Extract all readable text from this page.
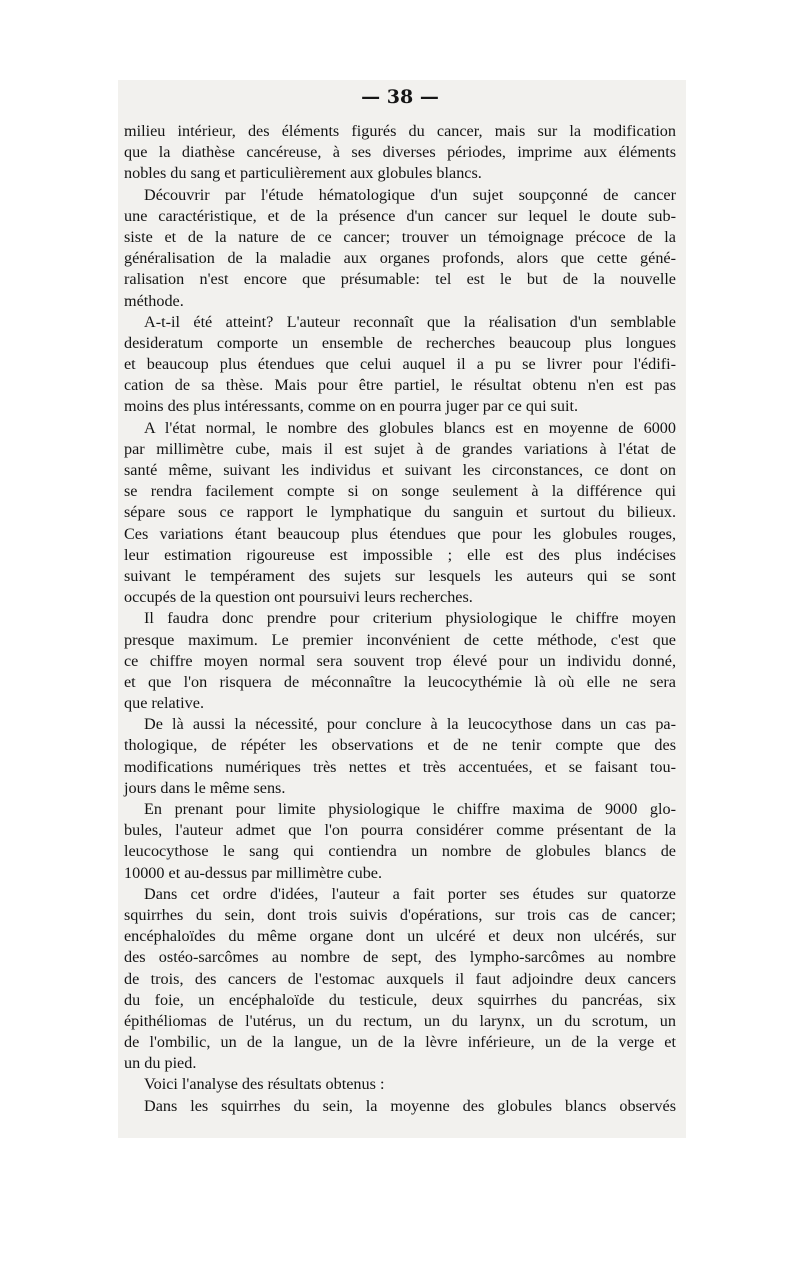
— 38 —
milieu intérieur, des éléments figurés du cancer, mais sur la modification
que la diathèse cancéreuse, à ses diverses périodes, imprime aux éléments
nobles du sang et particulièrement aux globules blancs.
Découvrir par l'étude hématologique d'un sujet soupçonné de cancer
une caractéristique, et de la présence d'un cancer sur lequel le doute sub-
siste et de la nature de ce cancer; trouver un témoignage précoce de la
généralisation de la maladie aux organes profonds, alors que cette géné-
ralisation n'est encore que présumable: tel est le but de la nouvelle
méthode.
A-t-il été atteint? L'auteur reconnaît que la réalisation d'un semblable
desideratum comporte un ensemble de recherches beaucoup plus longues
et beaucoup plus étendues que celui auquel il a pu se livrer pour l'édifi-
cation de sa thèse. Mais pour être partiel, le résultat obtenu n'en est pas
moins des plus intéressants, comme on en pourra juger par ce qui suit.
A l'état normal, le nombre des globules blancs est en moyenne de 6000
par millimètre cube, mais il est sujet à de grandes variations à l'état de
santé même, suivant les individus et suivant les circonstances, ce dont on
se rendra facilement compte si on songe seulement à la différence qui
sépare sous ce rapport le lymphatique du sanguin et surtout du bilieux.
Ces variations étant beaucoup plus étendues que pour les globules rouges,
leur estimation rigoureuse est impossible ; elle est des plus indécises
suivant le tempérament des sujets sur lesquels les auteurs qui se sont
occupés de la question ont poursuivi leurs recherches.
Il faudra donc prendre pour criterium physiologique le chiffre moyen
presque maximum. Le premier inconvénient de cette méthode, c'est que
ce chiffre moyen normal sera souvent trop élevé pour un individu donné,
et que l'on risquera de méconnaître la leucocythémie là où elle ne sera
que relative.
De là aussi la nécessité, pour conclure à la leucocythose dans un cas pa-
thologique, de répéter les observations et de ne tenir compte que des
modifications numériques très nettes et très accentuées, et se faisant tou-
jours dans le même sens.
En prenant pour limite physiologique le chiffre maxima de 9000 glo-
bules, l'auteur admet que l'on pourra considérer comme présentant de la
leucocythose le sang qui contiendra un nombre de globules blancs de
10000 et au-dessus par millimètre cube.
Dans cet ordre d'idées, l'auteur a fait porter ses études sur quatorze
squirrhes du sein, dont trois suivis d'opérations, sur trois cas de cancer;
encéphaloïdes du même organe dont un ulcéré et deux non ulcérés, sur
des ostéo-sarcômes au nombre de sept, des lympho-sarcômes au nombre
de trois, des cancers de l'estomac auxquels il faut adjoindre deux cancers
du foie, un encéphaloïde du testicule, deux squirrhes du pancréas, six
épithéliomas de l'utérus, un du rectum, un du larynx, un du scrotum, un
de l'ombilic, un de la langue, un de la lèvre inférieure, un de la verge et
un du pied.
Voici l'analyse des résultats obtenus :
Dans les squirrhes du sein, la moyenne des globules blancs observés
